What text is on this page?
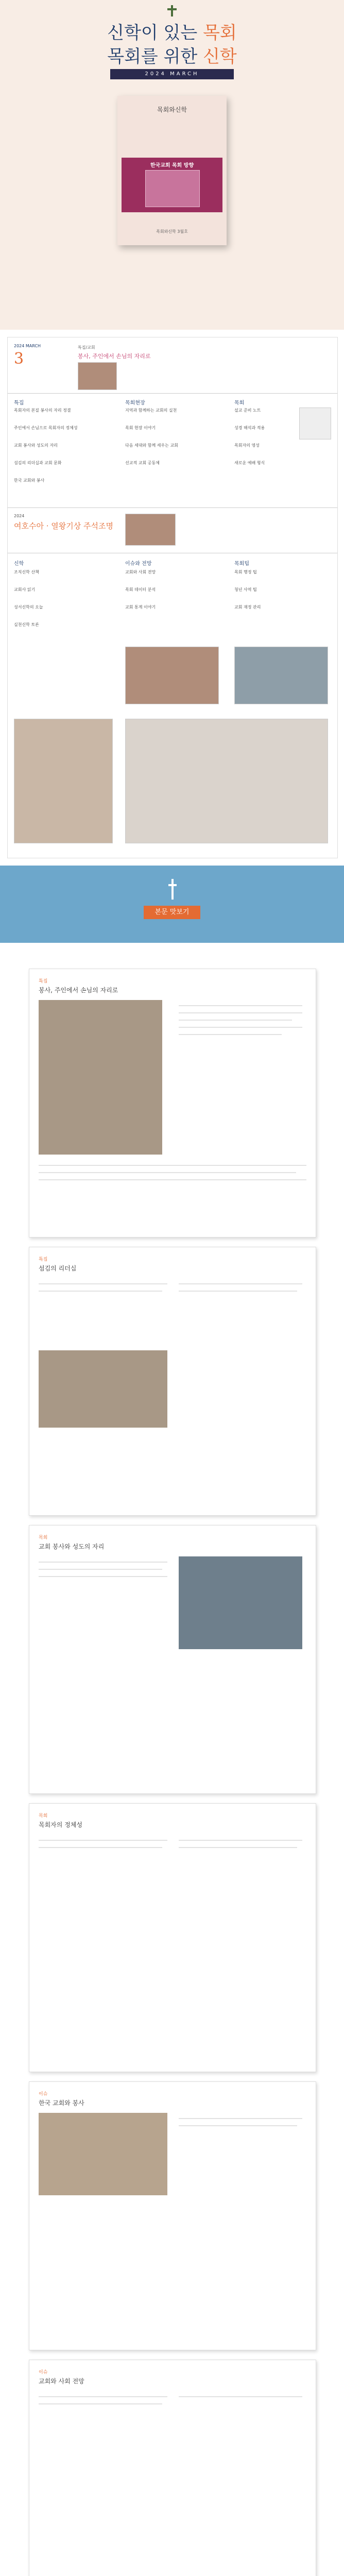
신학이 있는 목회
목회를 위한 신학
2024 MARCH
목회와신학
한국교회 목회 방향
목회와신학 3월호
2024 MARCH
3
특집/교회
봉사, 주인에서 손님의 자리로
특집
목회자의 본질 봉사의 자리 정결
주인에서 손님으로 목회자의 정체성
교회 봉사와 성도의 자리
섬김의 리더십과 교회 문화
한국 교회와 봉사
목회현장
지역과 함께하는 교회의 실천
목회 현장 이야기
다음 세대와 함께 세우는 교회
선교적 교회 공동체
목회
설교 준비 노트
성경 해석과 적용
목회자의 영성
새로운 예배 형식
2024
여호수아 · 열왕기상 주석조명
신학
조직신학 산책
교회사 읽기
성서신학의 오늘
실천신학 토론
이슈와 전망
교회와 사회 전망
목회 데이터 분석
교회 통계 이야기
목회팁
목회 행정 팁
청년 사역 팁
교회 재정 관리
본문 맛보기
특집
봉사, 주인에서 손님의 자리로
특집
섬김의 리더십
목회
교회 봉사와 성도의 자리
목회
목회자의 정체성
이슈
한국 교회와 봉사
이슈
교회와 사회 전망
